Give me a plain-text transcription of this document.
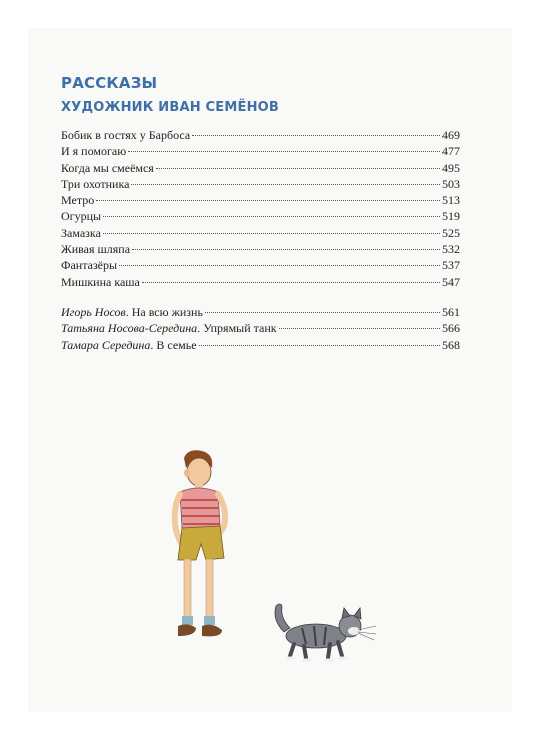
РАССКАЗЫ
ХУДОЖНИК ИВАН СЕМЁНОВ
Бобик в гостях у Барбоса	469
И я помогаю	477
Когда мы смеёмся	495
Три охотника	503
Метро	513
Огурцы	519
Замазка	525
Живая шляпа	532
Фантазёры	537
Мишкина каша	547
Игорь Носов. На всю жизнь	561
Татьяна Носова-Середина. Упрямый танк	566
Тамара Середина. В семье	568
